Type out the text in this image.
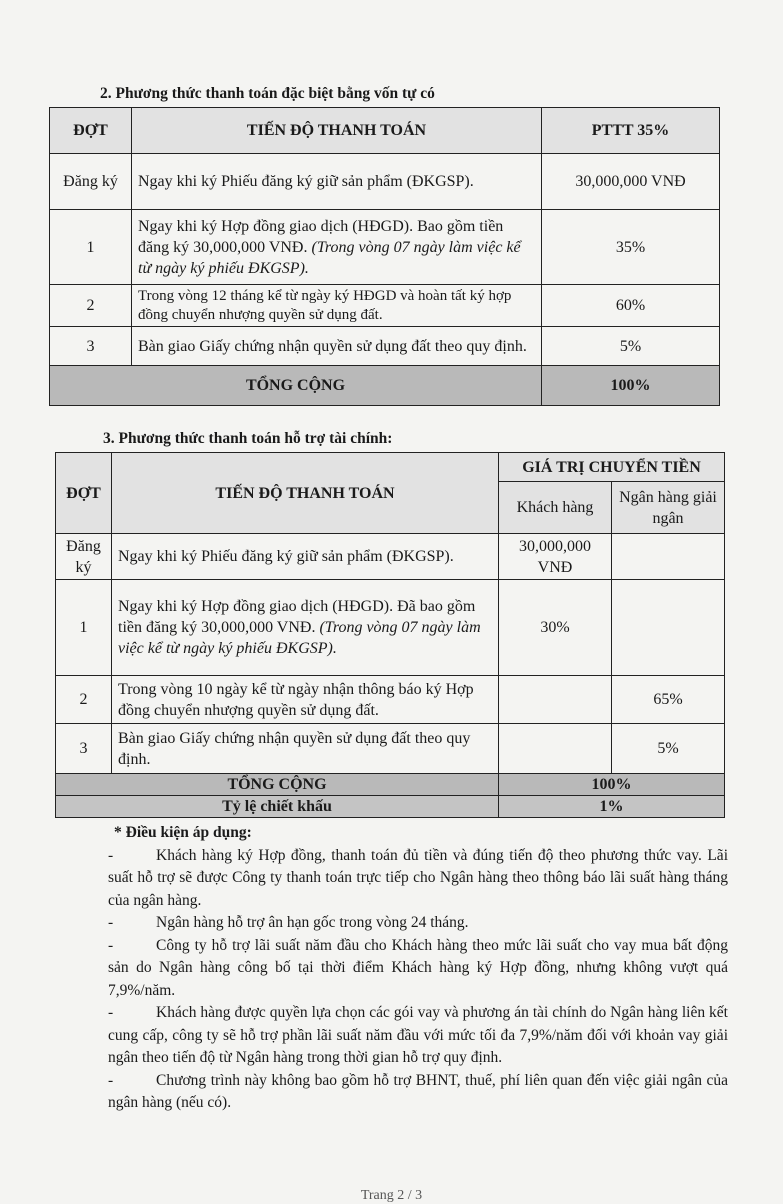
2. Phương thức thanh toán đặc biệt bằng vốn tự có
ĐỢT	TIẾN ĐỘ THANH TOÁN	PTTT 35%
Đăng ký	Ngay khi ký Phiếu đăng ký giữ sản phẩm (ĐKGSP).	30,000,000 VNĐ
1	Ngay khi ký Hợp đồng giao dịch (HĐGD). Bao gồm tiền đăng ký 30,000,000 VNĐ. (Trong vòng 07 ngày làm việc kể từ ngày ký phiếu ĐKGSP).	35%
2	Trong vòng 12 tháng kể từ ngày ký HĐGD và hoàn tất ký hợp đồng chuyển nhượng quyền sử dụng đất.	60%
3	Bàn giao Giấy chứng nhận quyền sử dụng đất theo quy định.	5%
TỔNG CỘNG		100%
3. Phương thức thanh toán hỗ trợ tài chính:
ĐỢT	TIẾN ĐỘ THANH TOÁN	GIÁ TRỊ CHUYỂN TIỀN	
		Khách hàng	Ngân hàng giải ngân
Đăng ký	Ngay khi ký Phiếu đăng ký giữ sản phẩm (ĐKGSP).	30,000,000 VNĐ	
1	Ngay khi ký Hợp đồng giao dịch (HĐGD). Đã bao gồm tiền đăng ký 30,000,000 VNĐ. (Trong vòng 07 ngày làm việc kể từ ngày ký phiếu ĐKGSP).	30%	
2	Trong vòng 10 ngày kể từ ngày nhận thông báo ký Hợp đồng chuyển nhượng quyền sử dụng đất.		65%
3	Bàn giao Giấy chứng nhận quyền sử dụng đất theo quy định.		5%
TỔNG CỘNG		100%	
Tỷ lệ chiết khấu		1%	
* Điều kiện áp dụng:

-	Khách hàng ký Hợp đồng, thanh toán đủ tiền và đúng tiến độ theo phương thức vay. Lãi suất hỗ trợ sẽ được Công ty thanh toán trực tiếp cho Ngân hàng theo thông báo lãi suất hàng tháng của ngân hàng.

-	Ngân hàng hỗ trợ ân hạn gốc trong vòng 24 tháng.

-	Công ty hỗ trợ lãi suất năm đầu cho Khách hàng theo mức lãi suất cho vay mua bất động sản do Ngân hàng công bố tại thời điểm Khách hàng ký Hợp đồng, nhưng không vượt quá 7,9%/năm.

-	Khách hàng được quyền lựa chọn các gói vay và phương án tài chính do Ngân hàng liên kết cung cấp, công ty sẽ hỗ trợ phần lãi suất năm đầu với mức tối đa 7,9%/năm đối với khoản vay giải ngân theo tiến độ từ Ngân hàng trong thời gian hỗ trợ quy định.

-	Chương trình này không bao gồm hỗ trợ BHNT, thuế, phí liên quan đến việc giải ngân của ngân hàng (nếu có).

Trang 2 / 3
